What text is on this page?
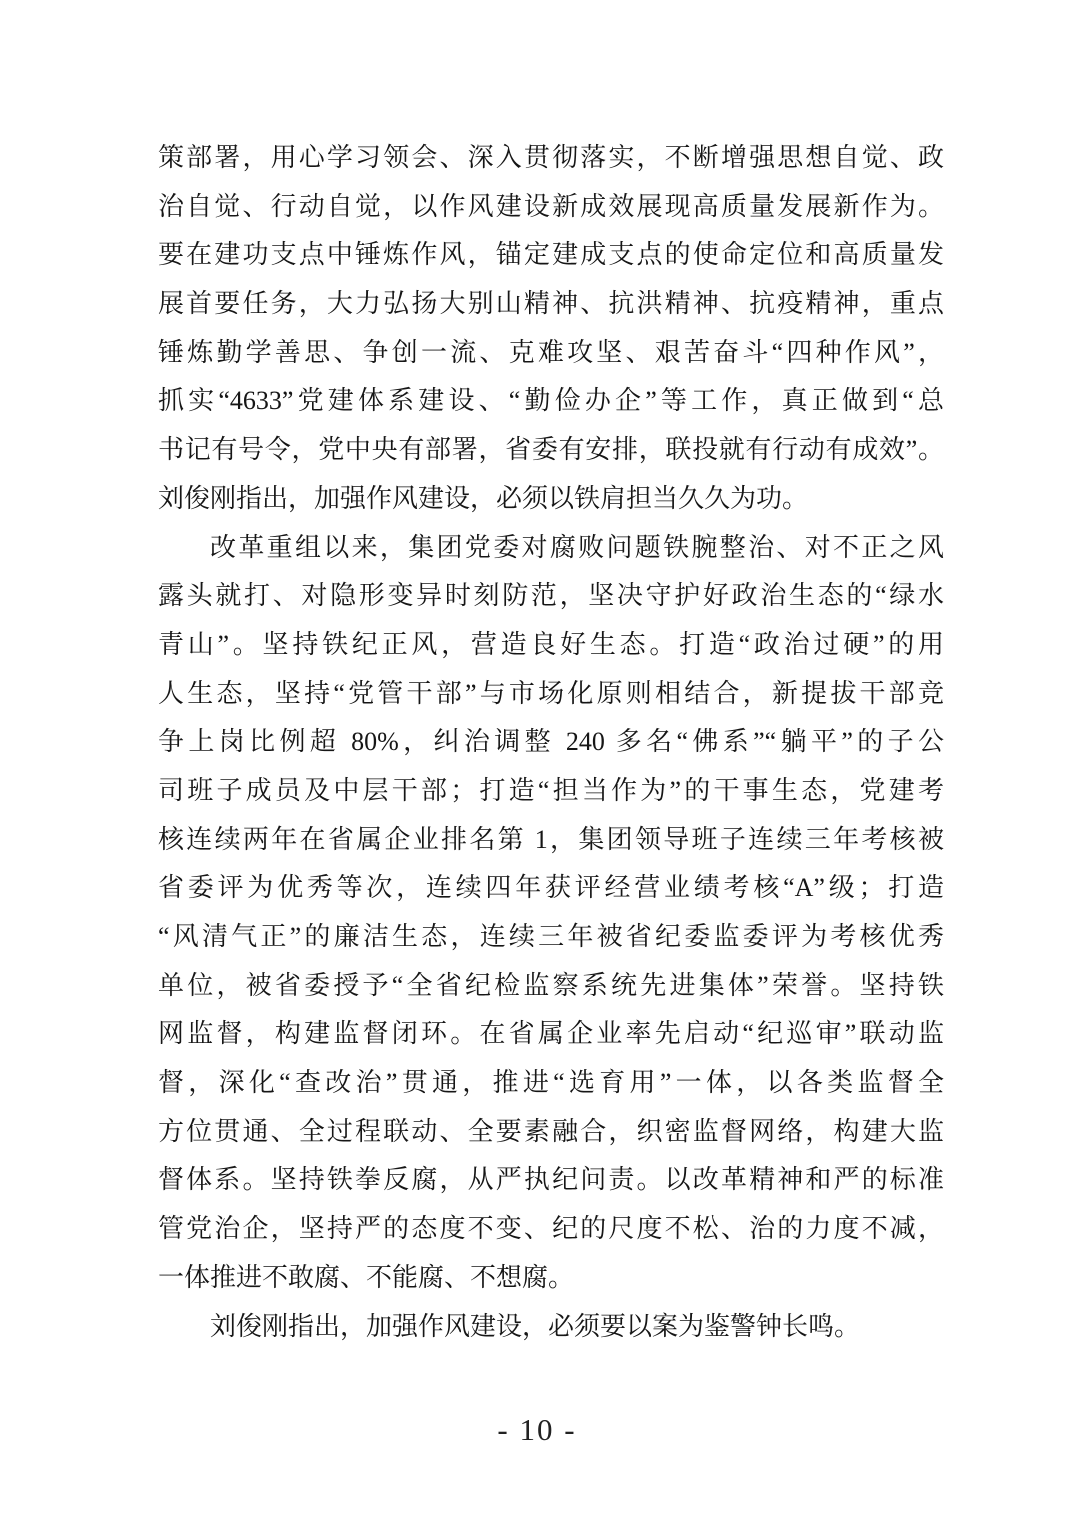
策部署，用心学习领会、深入贯彻落实，不断增强思想自觉、政
治自觉、行动自觉，以作风建设新成效展现高质量发展新作为。
要在建功支点中锤炼作风，锚定建成支点的使命定位和高质量发
展首要任务，大力弘扬大别山精神、抗洪精神、抗疫精神，重点
锤炼勤学善思、争创一流、克难攻坚、艰苦奋斗“四种作风”，
抓实“4633”党建体系建设、“勤俭办企”等工作，真正做到“总
书记有号令，党中央有部署，省委有安排，联投就有行动有成效”。
刘俊刚指出，加强作风建设，必须以铁肩担当久久为功。
改革重组以来，集团党委对腐败问题铁腕整治、对不正之风
露头就打、对隐形变异时刻防范，坚决守护好政治生态的“绿水
青山”。坚持铁纪正风，营造良好生态。打造“政治过硬”的用
人生态，坚持“党管干部”与市场化原则相结合，新提拔干部竞
争上岗比例超 80%，纠治调整 240 多名“佛系”“躺平”的子公
司班子成员及中层干部；打造“担当作为”的干事生态，党建考
核连续两年在省属企业排名第 1，集团领导班子连续三年考核被
省委评为优秀等次，连续四年获评经营业绩考核“A”级；打造
“风清气正”的廉洁生态，连续三年被省纪委监委评为考核优秀
单位，被省委授予“全省纪检监察系统先进集体”荣誉。坚持铁
网监督，构建监督闭环。在省属企业率先启动“纪巡审”联动监
督，深化“查改治”贯通，推进“选育用”一体，以各类监督全
方位贯通、全过程联动、全要素融合，织密监督网络，构建大监
督体系。坚持铁拳反腐，从严执纪问责。以改革精神和严的标准
管党治企，坚持严的态度不变、纪的尺度不松、治的力度不减，
一体推进不敢腐、不能腐、不想腐。
刘俊刚指出，加强作风建设，必须要以案为鉴警钟长鸣。
- 10 -
